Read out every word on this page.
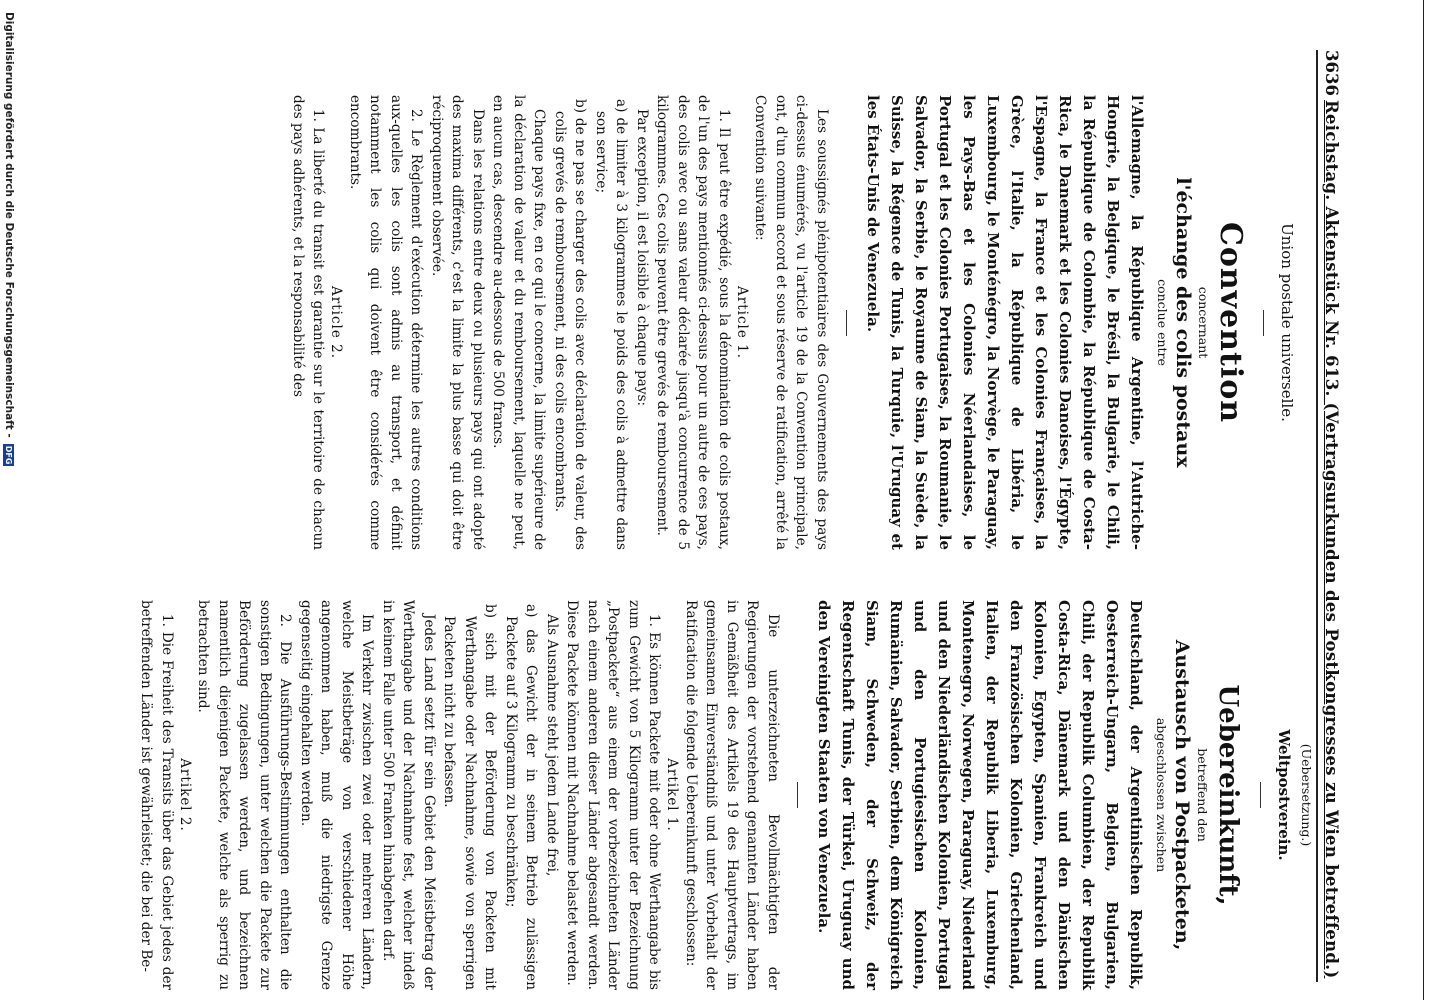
3636
Reichstag. Aktenstück Nr. 613. (Vertragsurkunden des Postkongresses zu Wien betreffend.)

Union postale universelle.

Convention

concernant

l'échange des colis postaux

conclue entre

l'Allemagne, la République Argentine, l'Autriche-Hongrie, la Belgique, le Brésil, la Bulgarie, le Chili, la République de Colombie, la République de Costa-Rica, le Danemark et les Colonies Danoises, l'Égypte, l'Espagne, la France et les Colonies Françaises, la Grèce, l'Italie, la République de Libéria, le Luxembourg, le Monténégro, la Norvège, le Paraguay, les Pays-Bas et les Colonies Néerlandaises, le Portugal et les Colonies Portugaises, la Roumanie, le Salvador, la Serbie, le Royaume de Siam, la Suède, la Suisse, la Régence de Tunis, la Turquie, l'Uruguay et les États-Unis de Venezuela.

Les soussignés plénipotentiaires des Gouvernements des pays ci-dessus énumérés, vu l'article 19 de la Convention principale, ont, d'un commun accord et sous réserve de ratification, arrêté la Convention suivante:

Article 1.

1. Il peut être expédié, sous la dénomination de colis postaux, de l'un des pays mentionnés ci-dessus pour un autre de ces pays, des colis avec ou sans valeur déclarée jusqu'à concurrence de 5 kilogrammes. Ces colis peuvent être grevés de remboursement.

Par exception, il est loisible à chaque pays:

a) de limiter à 3 kilogrammes le poids des colis à admettre dans son service;

b) de ne pas se charger des colis avec déclaration de valeur, des colis grevés de remboursement, ni des colis encombrants.

Chaque pays fixe, en ce qui le concerne, la limite supérieure de la déclaration de valeur et du remboursement, laquelle ne peut, en aucun cas, descendre au-dessous de 500 francs.

Dans les relations entre deux ou plusieurs pays qui ont adopté des maxima différents, c'est la limite la plus basse qui doit être réciproquement observée.

2. Le Règlement d'exécution détermine les autres conditions aux-quelles les colis sont admis au transport, et définit notamment les colis qui doivent être considérés comme encombrants.

Article 2.

1. La liberté du transit est garantie sur le territoire de chacun des pays adhérents, et la responsabilité des

(Uebersetzung.)

Weltpostverein.

Uebereinkunft,

betreffend den

Austausch von Postpacketen,

abgeschlossen zwischen

Deutschland, der Argentinischen Republik, Oesterreich-Ungarn, Belgien, Bulgarien, Chili, der Republik Columbien, der Republik Costa-Rica, Dänemark und den Dänischen Kolonien, Egypten, Spanien, Frankreich und den Französischen Kolonien, Griechenland, Italien, der Republik Liberia, Luxemburg, Montenegro, Norwegen, Paraguay, Niederland und den Niederländischen Kolonien, Portugal und den Portugiesischen Kolonien, Rumänien, Salvador, Serbien, dem Königreich Siam, Schweden, der Schweiz, der Regentschaft Tunis, der Türkei, Uruguay und den Vereinigten Staaten von Venezuela.

Die unterzeichneten Bevollmächtigten der Regierungen der vorstehend genannten Länder haben in Gemäßheit des Artikels 19 des Hauptvertrags, im gemeinsamen Einverständniß und unter Vorbehalt der Ratification die folgende Uebereinkunft geschlossen:

Artikel 1.

1. Es können Packete mit oder ohne Werthangabe bis zum Gewicht von 5 Kilogramm unter der Bezeichnung „Postpackete“ aus einem der vorbezeichneten Länder nach einem anderen dieser Länder abgesandt werden. Diese Packete können mit Nachnahme belastet werden.

Als Ausnahme steht jedem Lande frei,

a) das Gewicht der in seinem Betrieb zulässigen Packete auf 3 Kilogramm zu beschränken;

b) sich mit der Beförderung von Packeten mit Werthangabe oder Nachnahme, sowie von sperrigen Packeten nicht zu befassen.

Jedes Land setzt für sein Gebiet den Meistbetrag der Werthangabe und der Nachnahme fest, welcher indeß in keinem Falle unter 500 Franken hinabgehen darf.

Im Verkehr zwischen zwei oder mehreren Ländern, welche Meistbeträge von verschiedener Höhe angenommen haben, muß die niedrigste Grenze gegenseitig eingehalten werden.

2. Die Ausführungs-Bestimmungen enthalten die sonstigen Bedingungen, unter welchen die Packete zur Beförderung zugelassen werden, und bezeichnen namentlich diejenigen Packete, welche als sperrig zu betrachten sind.

Artikel 2.

1. Die Freiheit des Transits über das Gebiet jedes der betreffenden Länder ist gewährleistet; die bei der Be-

Digitalisierung gefördert durch die Deutsche Forschungsgemeinschaft -
DFG
